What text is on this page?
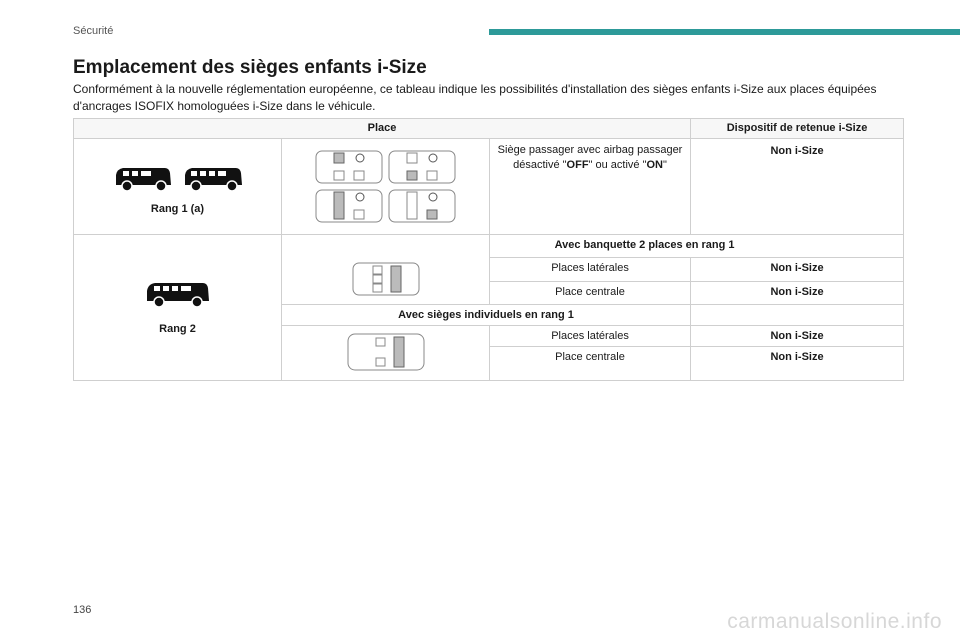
Sécurité
Emplacement des sièges enfants i-Size
Conformément à la nouvelle réglementation européenne, ce tableau indique les possibilités d'installation des sièges enfants i-Size aux places équipées d'ancrages ISOFIX homologuées i-Size dans le véhicule.
Place			Dispositif de retenue i-Size

Rang 1 (a)		Siège passager avec airbag passager désactivé "OFF" ou activé "ON"	Non i-Size

Rang 2		Avec banquette 2 places en rang 1	
		Places latérales	Non i-Size
		Place centrale	Non i-Size
	Avec sièges individuels en rang 1		
	Places latérales	Non i-Size
		Place centrale	Non i-Size
136	carmanualsonline.info
